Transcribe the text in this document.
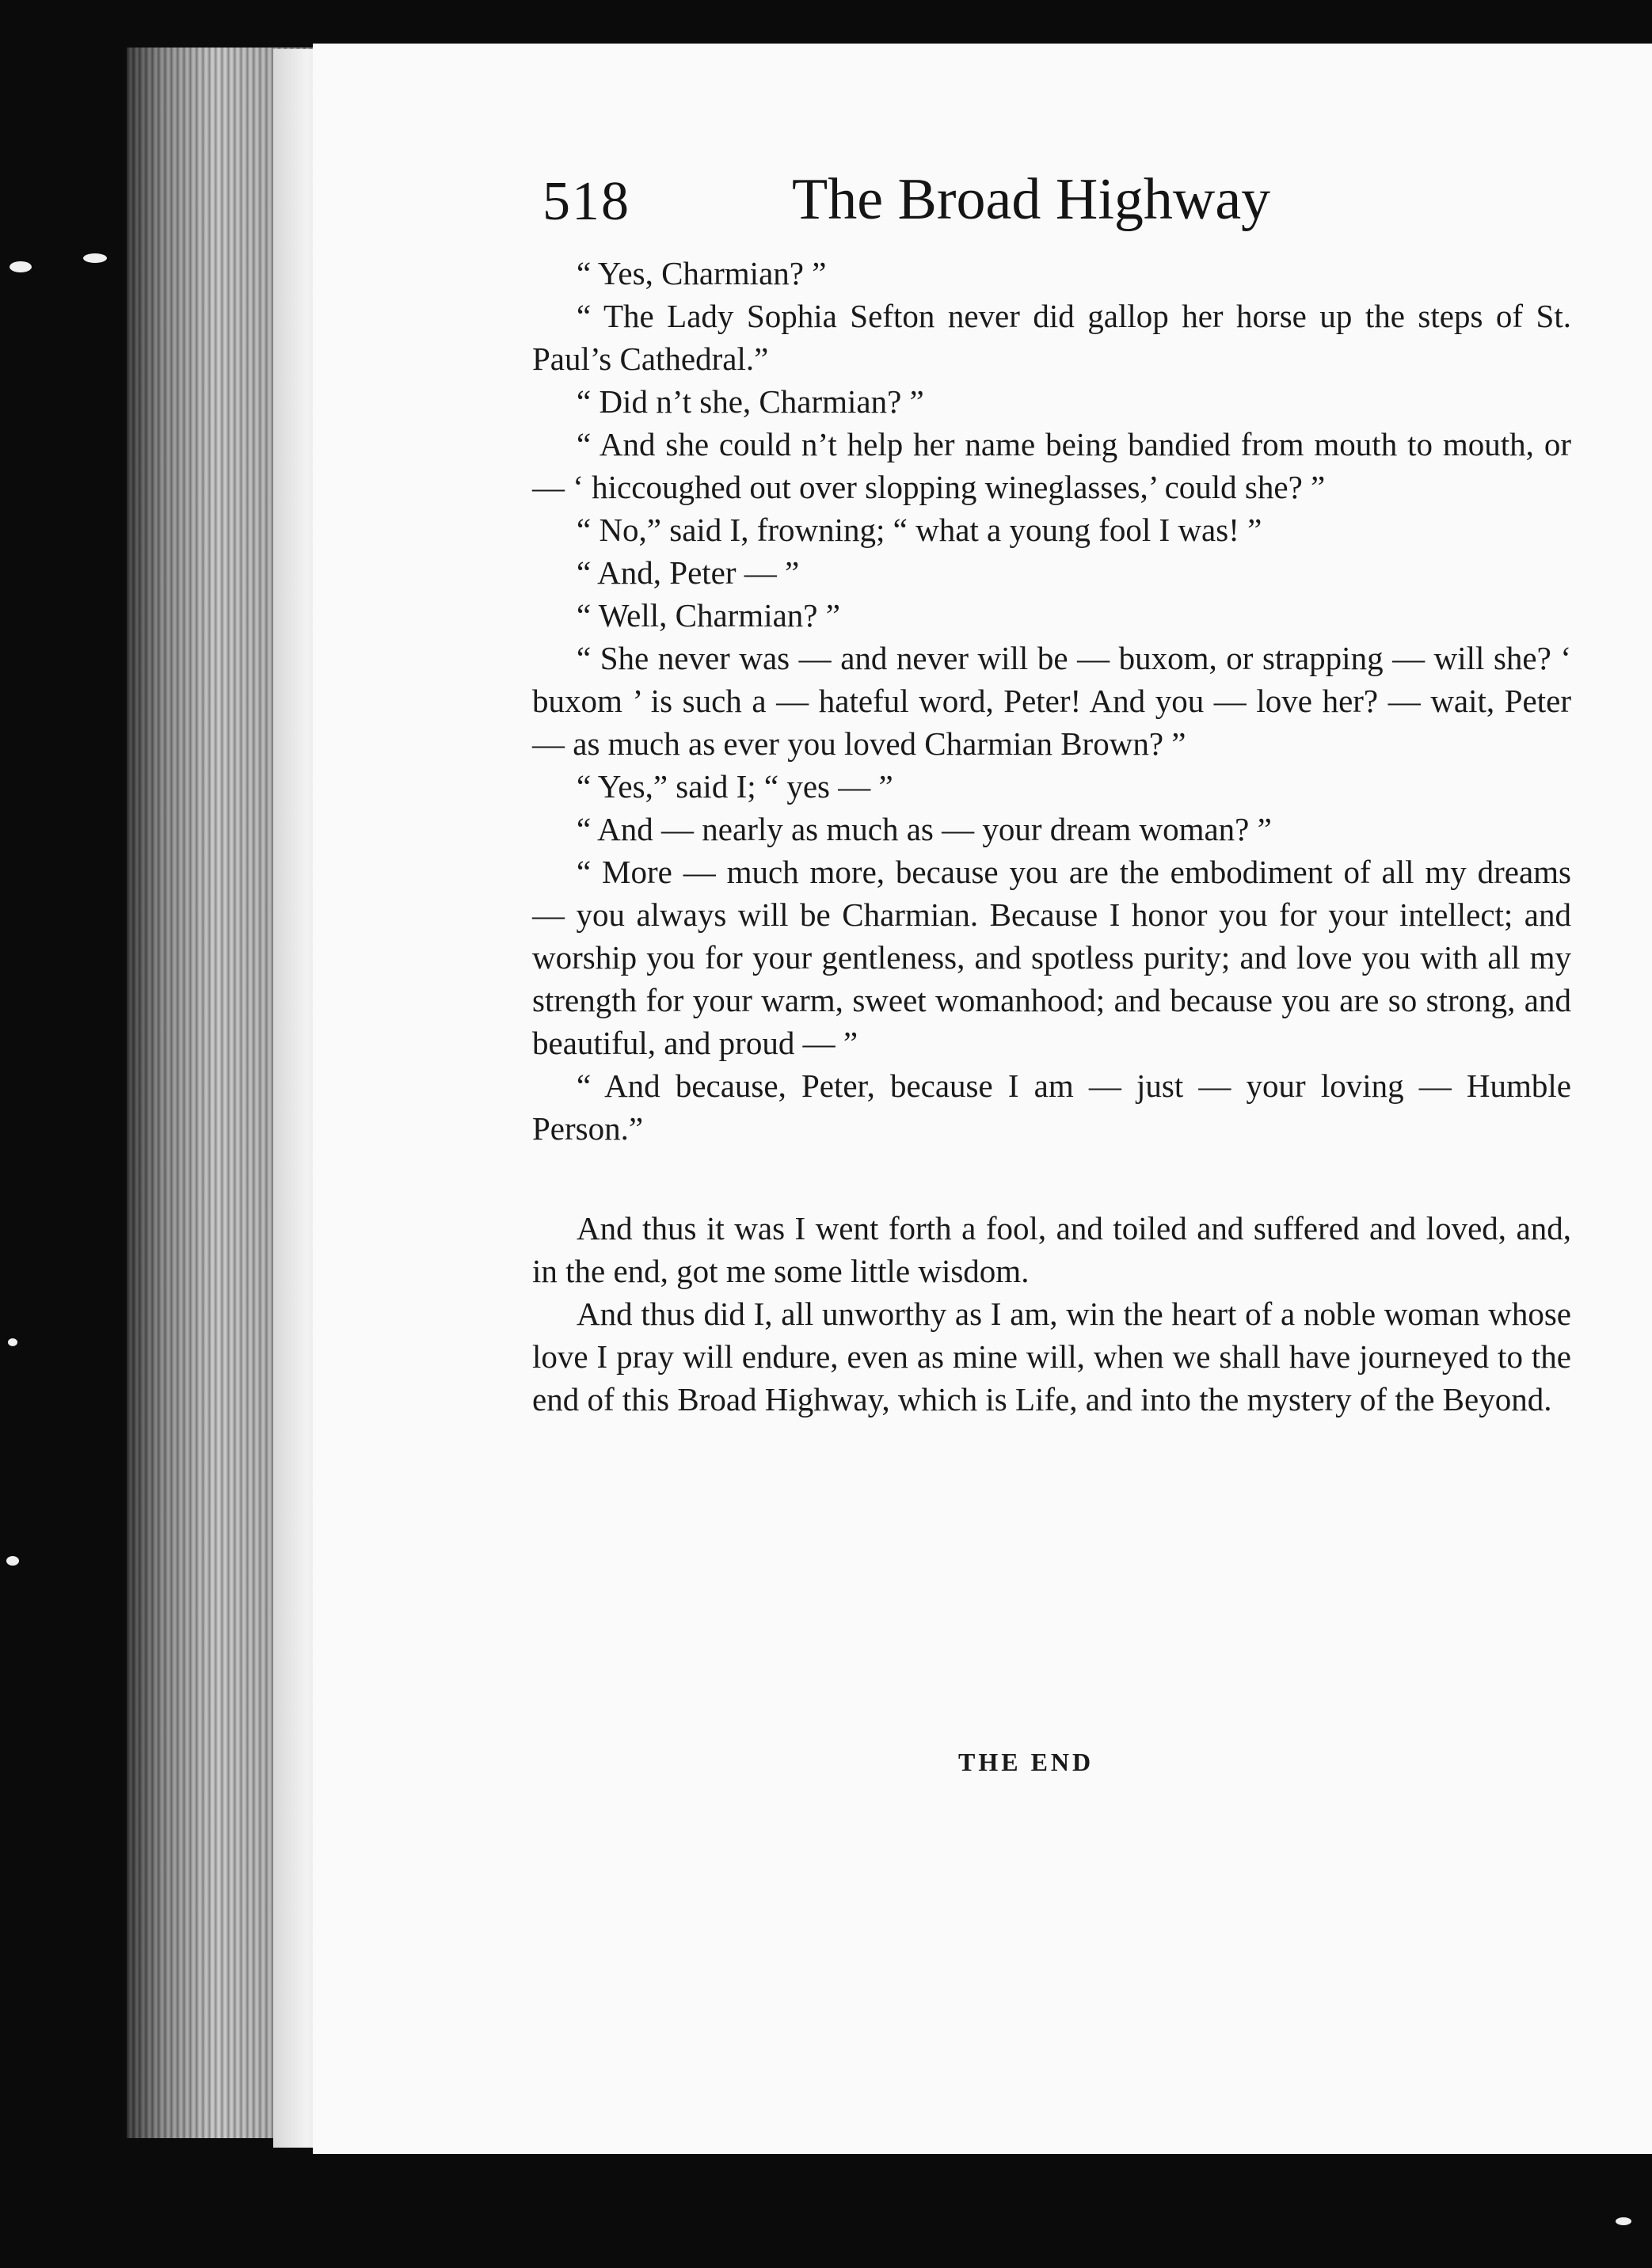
518	The Broad Highway

“ Yes, Charmian? ”

“ The Lady Sophia Sefton never did gallop her horse up the steps of St. Paul’s Cathedral.”

“ Did n’t she, Charmian? ”

“ And she could n’t help her name being bandied from mouth to mouth, or — ‘ hiccoughed out over slopping wineglasses,’ could she? ”

“ No,” said I, frowning; “ what a young fool I was! ”

“ And, Peter — ”

“ Well, Charmian? ”

“ She never was — and never will be — buxom, or strapping — will she? ‘ buxom ’ is such a — hateful word, Peter! And you — love her? — wait, Peter — as much as ever you loved Charmian Brown? ”

“ Yes,” said I; “ yes — ”

“ And — nearly as much as — your dream woman? ”

“ More — much more, because you are the embodiment of all my dreams — you always will be Charmian. Because I honor you for your intellect; and worship you for your gentleness, and spotless purity; and love you with all my strength for your warm, sweet womanhood; and because you are so strong, and beautiful, and proud — ”

“ And because, Peter, because I am — just — your loving — Humble Person.”

And thus it was I went forth a fool, and toiled and suffered and loved, and, in the end, got me some little wisdom.

And thus did I, all unworthy as I am, win the heart of a noble woman whose love I pray will endure, even as mine will, when we shall have journeyed to the end of this Broad Highway, which is Life, and into the mystery of the Beyond.

THE END
